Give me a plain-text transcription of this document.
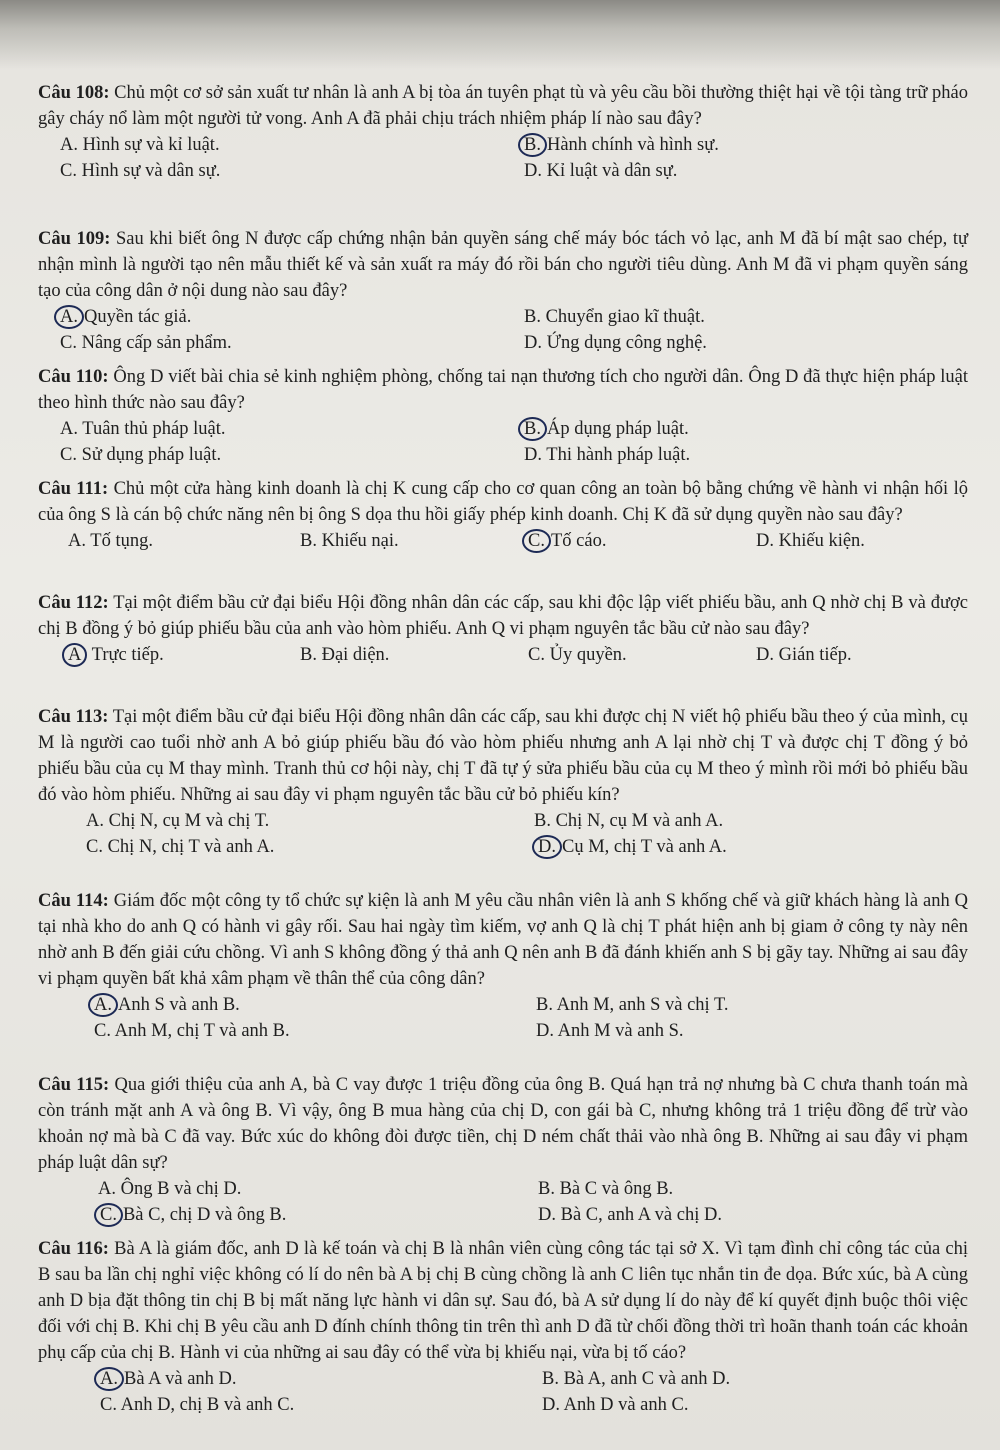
Câu 108: Chủ một cơ sở sản xuất tư nhân là anh A bị tòa án tuyên phạt tù và yêu cầu bồi thường thiệt hại về tội tàng trữ pháo gây cháy nổ làm một người tử vong. Anh A đã phải chịu trách nhiệm pháp lí nào sau đây?

A. Hình sự và kỉ luật.	B. Hành chính và hình sự.
C. Hình sự và dân sự.	D. Kỉ luật và dân sự.

Câu 109: Sau khi biết ông N được cấp chứng nhận bản quyền sáng chế máy bóc tách vỏ lạc, anh M đã bí mật sao chép, tự nhận mình là người tạo nên mẫu thiết kế và sản xuất ra máy đó rồi bán cho người tiêu dùng. Anh M đã vi phạm quyền sáng tạo của công dân ở nội dung nào sau đây?

A. Quyền tác giả.	B. Chuyển giao kĩ thuật.
C. Nâng cấp sản phẩm.	D. Ứng dụng công nghệ.

Câu 110: Ông D viết bài chia sẻ kinh nghiệm phòng, chống tai nạn thương tích cho người dân. Ông D đã thực hiện pháp luật theo hình thức nào sau đây?

A. Tuân thủ pháp luật.	B. Áp dụng pháp luật.
C. Sử dụng pháp luật.	D. Thi hành pháp luật.

Câu 111: Chủ một cửa hàng kinh doanh là chị K cung cấp cho cơ quan công an toàn bộ bằng chứng về hành vi nhận hối lộ của ông S là cán bộ chức năng nên bị ông S dọa thu hồi giấy phép kinh doanh. Chị K đã sử dụng quyền nào sau đây?

A. Tố tụng.	B. Khiếu nại.	C. Tố cáo.	D. Khiếu kiện.

Câu 112: Tại một điểm bầu cử đại biểu Hội đồng nhân dân các cấp, sau khi độc lập viết phiếu bầu, anh Q nhờ chị B và được chị B đồng ý bỏ giúp phiếu bầu của anh vào hòm phiếu. Anh Q vi phạm nguyên tắc bầu cử nào sau đây?

A Trực tiếp.	B. Đại diện.	C. Ủy quyền.	D. Gián tiếp.

Câu 113: Tại một điểm bầu cử đại biểu Hội đồng nhân dân các cấp, sau khi được chị N viết hộ phiếu bầu theo ý của mình, cụ M là người cao tuổi nhờ anh A bỏ giúp phiếu bầu đó vào hòm phiếu nhưng anh A lại nhờ chị T và được chị T đồng ý bỏ phiếu bầu của cụ M thay mình. Tranh thủ cơ hội này, chị T đã tự ý sửa phiếu bầu của cụ M theo ý mình rồi mới bỏ phiếu bầu đó vào hòm phiếu. Những ai sau đây vi phạm nguyên tắc bầu cử bỏ phiếu kín?

A. Chị N, cụ M và chị T.	B. Chị N, cụ M và anh A.
C. Chị N, chị T và anh A.	D. Cụ M, chị T và anh A.

Câu 114: Giám đốc một công ty tổ chức sự kiện là anh M yêu cầu nhân viên là anh S khống chế và giữ khách hàng là anh Q tại nhà kho do anh Q có hành vi gây rối. Sau hai ngày tìm kiếm, vợ anh Q là chị T phát hiện anh bị giam ở công ty này nên nhờ anh B đến giải cứu chồng. Vì anh S không đồng ý thả anh Q nên anh B đã đánh khiến anh S bị gãy tay. Những ai sau đây vi phạm quyền bất khả xâm phạm về thân thể của công dân?

A. Anh S và anh B.	B. Anh M, anh S và chị T.
C. Anh M, chị T và anh B.	D. Anh M và anh S.

Câu 115: Qua giới thiệu của anh A, bà C vay được 1 triệu đồng của ông B. Quá hạn trả nợ nhưng bà C chưa thanh toán mà còn tránh mặt anh A và ông B. Vì vậy, ông B mua hàng của chị D, con gái bà C, nhưng không trả 1 triệu đồng để trừ vào khoản nợ mà bà C đã vay. Bức xúc do không đòi được tiền, chị D ném chất thải vào nhà ông B. Những ai sau đây vi phạm pháp luật dân sự?

A. Ông B và chị D.	B. Bà C và ông B.
C. Bà C, chị D và ông B.	D. Bà C, anh A và chị D.

Câu 116: Bà A là giám đốc, anh D là kế toán và chị B là nhân viên cùng công tác tại sở X. Vì tạm đình chỉ công tác của chị B sau ba lần chị nghỉ việc không có lí do nên bà A bị chị B cùng chồng là anh C liên tục nhắn tin đe dọa. Bức xúc, bà A cùng anh D bịa đặt thông tin chị B bị mất năng lực hành vi dân sự. Sau đó, bà A sử dụng lí do này để kí quyết định buộc thôi việc đối với chị B. Khi chị B yêu cầu anh D đính chính thông tin trên thì anh D đã từ chối đồng thời trì hoãn thanh toán các khoản phụ cấp của chị B. Hành vi của những ai sau đây có thể vừa bị khiếu nại, vừa bị tố cáo?

A. Bà A và anh D.	B. Bà A, anh C và anh D.
C. Anh D, chị B và anh C.	D. Anh D và anh C.
